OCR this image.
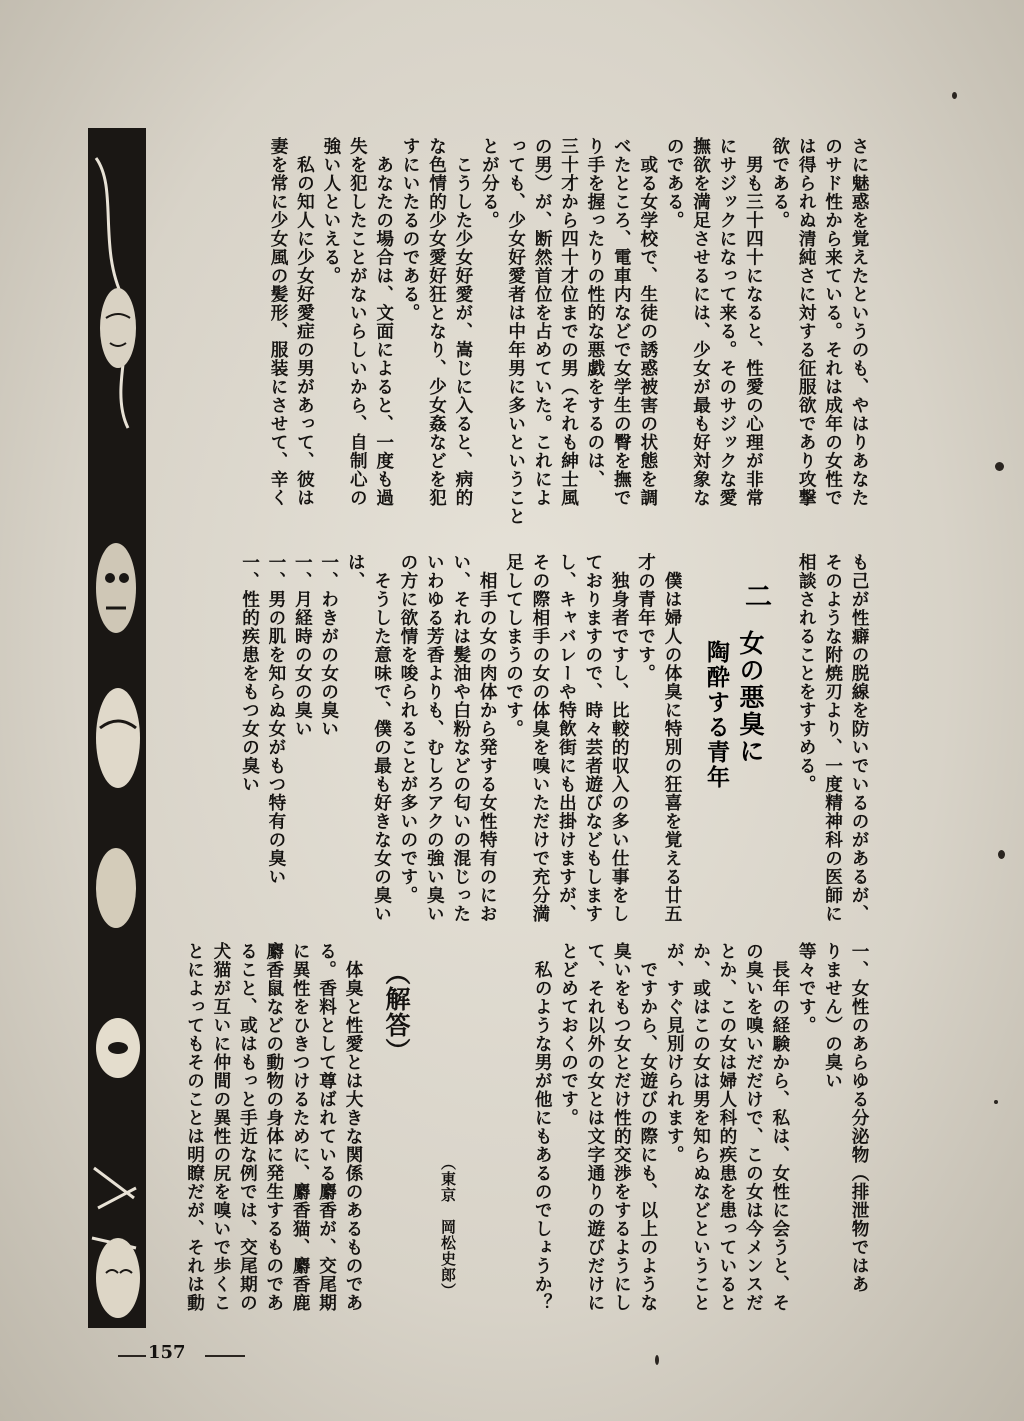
さに魅惑を覚えたというのも、やはりあなた
のサド性から来ている。それは成年の女性で
は得られぬ清純さに対する征服欲であり攻撃
欲である。
　男も三十四十になると、性愛の心理が非常
にサジックになって来る。そのサジックな愛
撫欲を満足させるには、少女が最も好対象な
のである。
　或る女学校で、生徒の誘惑被害の状態を調
べたところ、電車内などで女学生の臀を撫で
り手を握ったりの性的な悪戯をするのは、
三十才から四十才位までの男（それも紳士風
の男）が、断然首位を占めていた。これによ
っても、少女好愛者は中年男に多いということ
とが分る。
　こうした少女好愛が、嵩じに入ると、病的
な色情的少女愛好狂となり、少女姦などを犯
すにいたるのである。
　あなたの場合は、文面によると、一度も過
失を犯したことがないらしいから、自制心の
強い人といえる。
　私の知人に少女好愛症の男があって、彼は
妻を常に少女風の髪形、服装にさせて、辛く
も己が性癖の脱線を防いでいるのがあるが、
そのような附焼刃より、一度精神科の医師に
相談されることをすすめる。
二
女の悪臭に
陶酔する青年
　僕は婦人の体臭に特別の狂喜を覚える廿五
才の青年です。
　独身者ですし、比較的収入の多い仕事をし
ておりますので、時々芸者遊びなどもします
し、キャバレーや特飲街にも出掛けますが、
その際相手の女の体臭を嗅いただけで充分満
足してしまうのです。
　相手の女の肉体から発する女性特有のにお
い、それは髪油や白粉などの匂いの混じった
いわゆる芳香よりも、むしろアクの強い臭い
の方に欲情を唆られることが多いのです。
　そうした意味で、僕の最も好きな女の臭い
は、
一、わきがの女の臭い
一、月経時の女の臭い
一、男の肌を知らぬ女がもつ特有の臭い
一、性的疾患をもつ女の臭い
一、女性のあらゆる分泌物（排泄物ではあ
りません）の臭い
等々です。
　長年の経験から、私は、女性に会うと、そ
の臭いを嗅いだだけで、この女は今メンスだ
とか、この女は婦人科的疾患を患っていると
か、或はこの女は男を知らぬなどということ
が、すぐ見別けられます。
　ですから、女遊びの際にも、以上のような
臭いをもつ女とだけ性的交渉をするようにし
て、それ以外の女とは文字通りの遊びだけに
とどめておくのです。
　私のような男が他にもあるのでしょうか？
（東京　岡松史郎）
（解答）
　体臭と性愛とは大きな関係のあるものであ
る。香料として尊ばれている麝香が、交尾期
に異性をひきつけるために、麝香猫、麝香鹿
麝香鼠などの動物の身体に発生するものであ
ること、或はもっと手近な例では、交尾期の
犬猫が互いに仲間の異性の尻を嗅いで歩くこ
とによってもそのことは明瞭だが、それは動
157
